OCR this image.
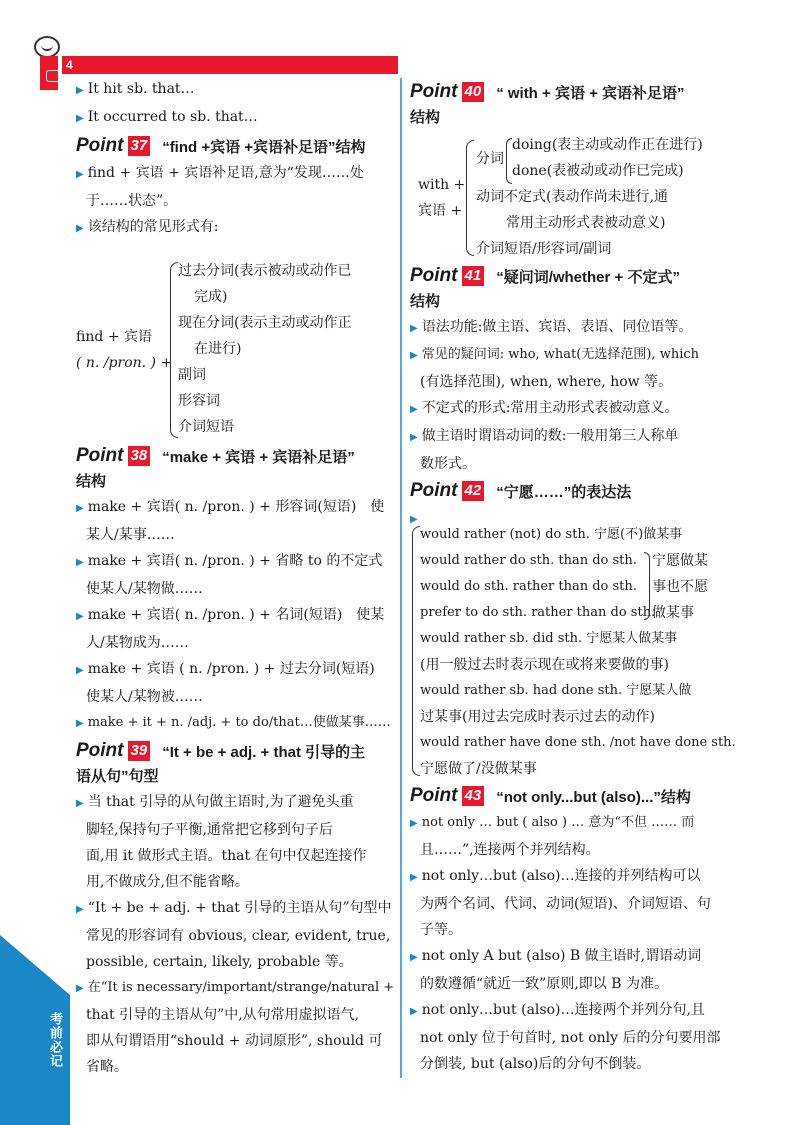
4
考前必记
▶ It hit sb. that…
▶ It occurred to sb. that…
Point 37 “find +宾语 +宾语补足语”结构
▶ find + 宾语 + 宾语补足语,意为“发现……处
于……状态”。
▶ 该结构的常见形式有:
find + 宾语
( n. /pron. ) +
过去分词(表示被动或动作已
完成)
现在分词(表示主动或动作正
在进行)
副词
形容词
介词短语
Point 38 “make + 宾语 + 宾语补足语”
结构
▶ make + 宾语( n. /pron. ) + 形容词(短语)　使
某人/某事……
▶ make + 宾语( n. /pron. ) + 省略 to 的不定式
使某人/某物做……
▶ make + 宾语( n. /pron. ) + 名词(短语)　使某
人/某物成为……
▶ make + 宾语 ( n. /pron. ) + 过去分词(短语)
使某人/某物被……
▶ make + it + n. /adj. + to do/that…使做某事……
Point 39 “It + be + adj. + that 引导的主
语从句”句型
▶ 当 that 引导的从句做主语时,为了避免头重
脚轻,保持句子平衡,通常把它移到句子后
面,用 it 做形式主语。that 在句中仅起连接作
用,不做成分,但不能省略。
▶ “It + be + adj. + that 引导的主语从句”句型中
常见的形容词有 obvious, clear, evident, true,
possible, certain, likely, probable 等。
▶ 在“It is necessary/important/strange/natural +
that 引导的主语从句”中,从句常用虚拟语气,
即从句谓语用“should + 动词原形”, should 可
省略。
Point 40 “ with + 宾语 + 宾语补足语”
结构
with +
宾语 +
分词
doing(表主动或动作正在进行)
done(表被动或动作已完成)
动词不定式(表动作尚未进行,通
常用主动形式表被动意义)
介词短语/形容词/副词
Point 41 “疑问词/whether + 不定式”
结构
▶ 语法功能:做主语、宾语、表语、同位语等。
▶ 常见的疑问词: who, what(无选择范围), which
(有选择范围), when, where, how 等。
▶ 不定式的形式:常用主动形式表被动意义。
▶ 做主语时谓语动词的数:一般用第三人称单
数形式。
Point 42 “宁愿……”的表达法
▶
would rather (not) do sth. 宁愿(不)做某事
would rather do sth. than do sth.
would do sth. rather than do sth.
prefer to do sth. rather than do sth.
宁愿做某
事也不愿
做某事
would rather sb. did sth. 宁愿某人做某事
(用一般过去时表示现在或将来要做的事)
would rather sb. had done sth. 宁愿某人做
过某事(用过去完成时表示过去的动作)
would rather have done sth. /not have done sth.
宁愿做了/没做某事
Point 43 “not only...but (also)...”结构
▶ not only … but ( also ) … 意为“不但 …… 而
且……”,连接两个并列结构。
▶ not only…but (also)…连接的并列结构可以
为两个名词、代词、动词(短语)、介词短语、句
子等。
▶ not only A but (also) B 做主语时,谓语动词
的数遵循“就近一致”原则,即以 B 为准。
▶ not only…but (also)…连接两个并列分句,且
not only 位于句首时, not only 后的分句要用部
分倒装, but (also)后的分句不倒装。
